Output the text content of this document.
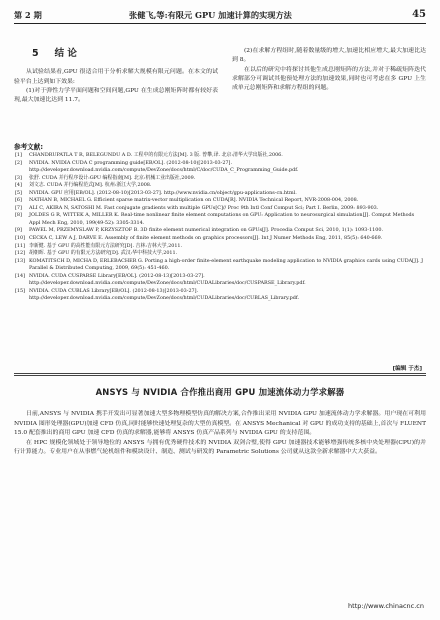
第 2 期	张健飞,等:有限元 GPU 加速计算的实现方法	45
5 结 论

从试验结果看,GPU 很适合用于分析求解大规模有限元问题。在本文的试验平台上达到如下效果:

(1)对于弹性力学平面问题和空间问题,GPU 在生成总刚矩阵时都有较好表现,最大加速比达到 11.7。

(2)在求解方程组时,随着数量级的增大,加速比相应增大,最大加速比达到 8。

在以后的研究中将探讨其他生成总刚矩阵的方法,并对于稀疏矩阵迭代求解部分可调试其他预处理方法的加速效果,同时也可考虑在多 GPU 上生成单元总刚矩阵和求解方程组的问题。

参考文献:
[1]	CHANDRUPATLA T R, BELEGUNDU A D. 工程中的有限元方法[M]. 3 版. 曾攀,译. 北京:清华大学出版社,2006.
[2]	NVIDIA. NVIDIA CUDA C programming guide[EB/OL]. (2012-08-10)[2013-03-27]. http://developer.download.nvidia.com/compute/DevZone/docs/html/C/doc/CUDA_C_Programming_Guide.pdf.
[3]	张舒. CUDA 并行程序设计:GPU 编程指南[M]. 北京:机械工业出版社,2009.
[4]	刘文志. CUDA 并行编程范式[M]. 杭州:浙江大学,2008.
[5]	NVIDIA. GPU 应用[EB/OL]. (2012-08-10)[2013-03-27]. http://www.nvidia.cn/object/gpu-applications-cn.html.
[6]	NATHAN B, MICHAEL G. Efficient sparse matrix-vector multiplication on CUDA[R]. NVIDIA Technical Report, NVR-2008-004, 2008.
[7]	ALI C, AKIRA N, SATOSHI M. Fast conjugate gradients with multiple GPUs[C]// Proc 9th Intl Conf Comput Sci; Part I. Berlin, 2009: 893-903.
[8]	JOLDES G R, WITTEK A, MILLER K. Real-time nonlinear finite element computations on GPU: Application to neurosurgical simulation[J]. Comput Methods Appl Mech Eng, 2010, 199(49-52): 3305-3314.
[9]	PAWEL M, PRZEMYSLAW P, KRZYSZTOF B. 3D finite element numerical integration on GPUs[J]. Procedia Comput Sci, 2010, 1(1): 1093-1100.
[10] CECKA C, LEW A J, DARVE E. Assembly of finite element methods on graphics processors[J]. Int J Numer Methods Eng, 2011, 85(5): 640-669.
[11] 李新健. 基于 GPU 的高性能有限元方法研究[D]. 吉林:吉林大学,2011.
[12] 胡朝晖. 基于 GPU 的有限元方法研究[D]. 武汉:华中科技大学,2011.
[13] KOMATITSCH D, MICHA D, ERLEBACHER G. Porting a high-order finite-element earthquake modeling application to NVIDIA graphics cards using CUDA[J]. J Parallel & Distributed Computing, 2009, 69(5): 451-460.
[14] NVIDIA. CUDA CUSPARSE Library[EB/OL]. (2012-08-13)[2013-03-27]. http://developer.download.nvidia.com/compute/DevZone/docs/html/CUDALibraries/doc/CUSPARSE_Library.pdf.
[15] NVIDIA. CUDA CUBLAS Library[EB/OL]. (2012-08-13)[2013-03-27]. http://developer.download.nvidia.com/compute/DevZone/docs/html/CUDALibraries/doc/CUBLAS_Library.pdf.
[编辑 于杰]
ANSYS 与 NVIDIA 合作推出商用 GPU 加速流体动力学求解器

日前,ANSYS 与 NVIDIA 携手开发出可显著加速大型多物理模型仿真的解决方案,合作推出采用 NVIDIA GPU 加速流体动力学求解器。用户现在可利用 NVIDIA 图形处理器(GPU)加速 CFD 仿真,同时能够快速处理复杂的大型仿真模型。在 ANSYS Mechanical 对 GPU 的成功支持的基础上,首次与 FLUENT 15.0 配套推出的商用 GPU 加速 CFD 仿真的求解器,能够将 ANSYS 仿真产品系列与 NVIDIA GPU 的支持范围。

在 HPC 规模化领域处于领导地位的 ANSYS 与拥有优秀硬件技术的 NVIDIA 双剑合璧,使得 GPU 加速器技术能够增强传统多核中央处理器(CPU)的并行计算能力。专业用户在从事燃气轮机组件和模块设计、制造、测试与研发的 Parametric Solutions 公司就从这款全新求解器中大大获益。

http://www.chinacnc.cn
